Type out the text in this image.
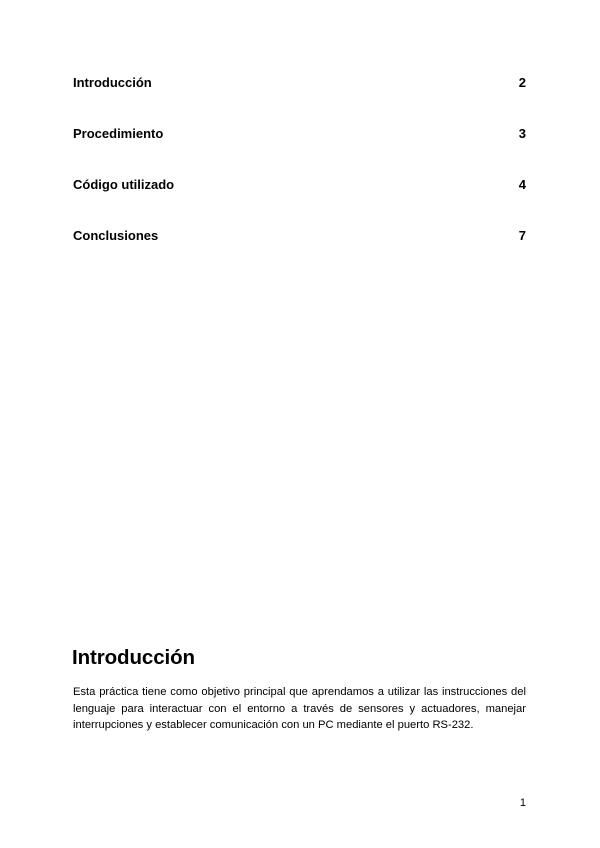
Introducción	2
Procedimiento	3
Código utilizado	4
Conclusiones	7
Introducción

Esta práctica tiene como objetivo principal que aprendamos a utilizar las instrucciones del lenguaje para interactuar con el entorno a través de sensores y actuadores, manejar interrupciones y establecer comunicación con un PC mediante el puerto RS-232.

1
